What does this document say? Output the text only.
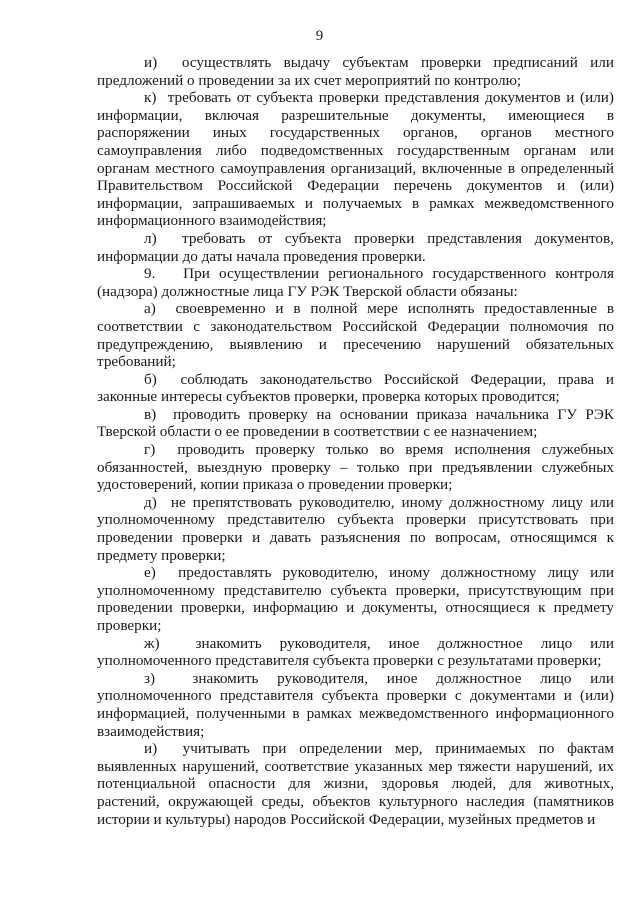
9

и)  осуществлять выдачу субъектам проверки предписаний или предложений о проведении за их счет мероприятий по контролю;

к)  требовать от субъекта проверки представления документов и (или) информации, включая разрешительные документы, имеющиеся в распоряжении иных государственных органов, органов местного самоуправления либо подведомственных государственным органам или органам местного самоуправления организаций, включенные в определенный Правительством Российской Федерации перечень документов и (или) информации, запрашиваемых и получаемых в рамках межведомственного информационного взаимодействия;

л)  требовать от субъекта проверки представления документов, информации до даты начала проведения проверки.

9.   При осуществлении регионального государственного контроля (надзора) должностные лица ГУ РЭК Тверской области обязаны:

а)  своевременно и в полной мере исполнять предоставленные в соответствии с законодательством Российской Федерации полномочия по предупреждению, выявлению и пресечению нарушений обязательных требований;

б)  соблюдать законодательство Российской Федерации, права и законные интересы субъектов проверки, проверка которых проводится;

в)  проводить проверку на основании приказа начальника ГУ РЭК Тверской области о ее проведении в соответствии с ее назначением;

г)  проводить проверку только во время исполнения служебных обязанностей, выездную проверку – только при предъявлении служебных удостоверений, копии приказа о проведении проверки;

д)  не препятствовать руководителю, иному должностному лицу или уполномоченному представителю субъекта проверки присутствовать при проведении проверки и давать разъяснения по вопросам, относящимся к предмету проверки;

е)  предоставлять руководителю, иному должностному лицу или уполномоченному представителю субъекта проверки, присутствующим при проведении проверки, информацию и документы, относящиеся к предмету проверки;

ж)  знакомить руководителя, иное должностное лицо или уполномоченного представителя субъекта проверки с результатами проверки;

з)  знакомить руководителя, иное должностное лицо или уполномоченного представителя субъекта проверки с документами и (или) информацией, полученными в рамках межведомственного информационного взаимодействия;

и)  учитывать при определении мер, принимаемых по фактам выявленных нарушений, соответствие указанных мер тяжести нарушений, их потенциальной опасности для жизни, здоровья людей, для животных, растений, окружающей среды, объектов культурного наследия (памятников истории и культуры) народов Российской Федерации, музейных предметов и
